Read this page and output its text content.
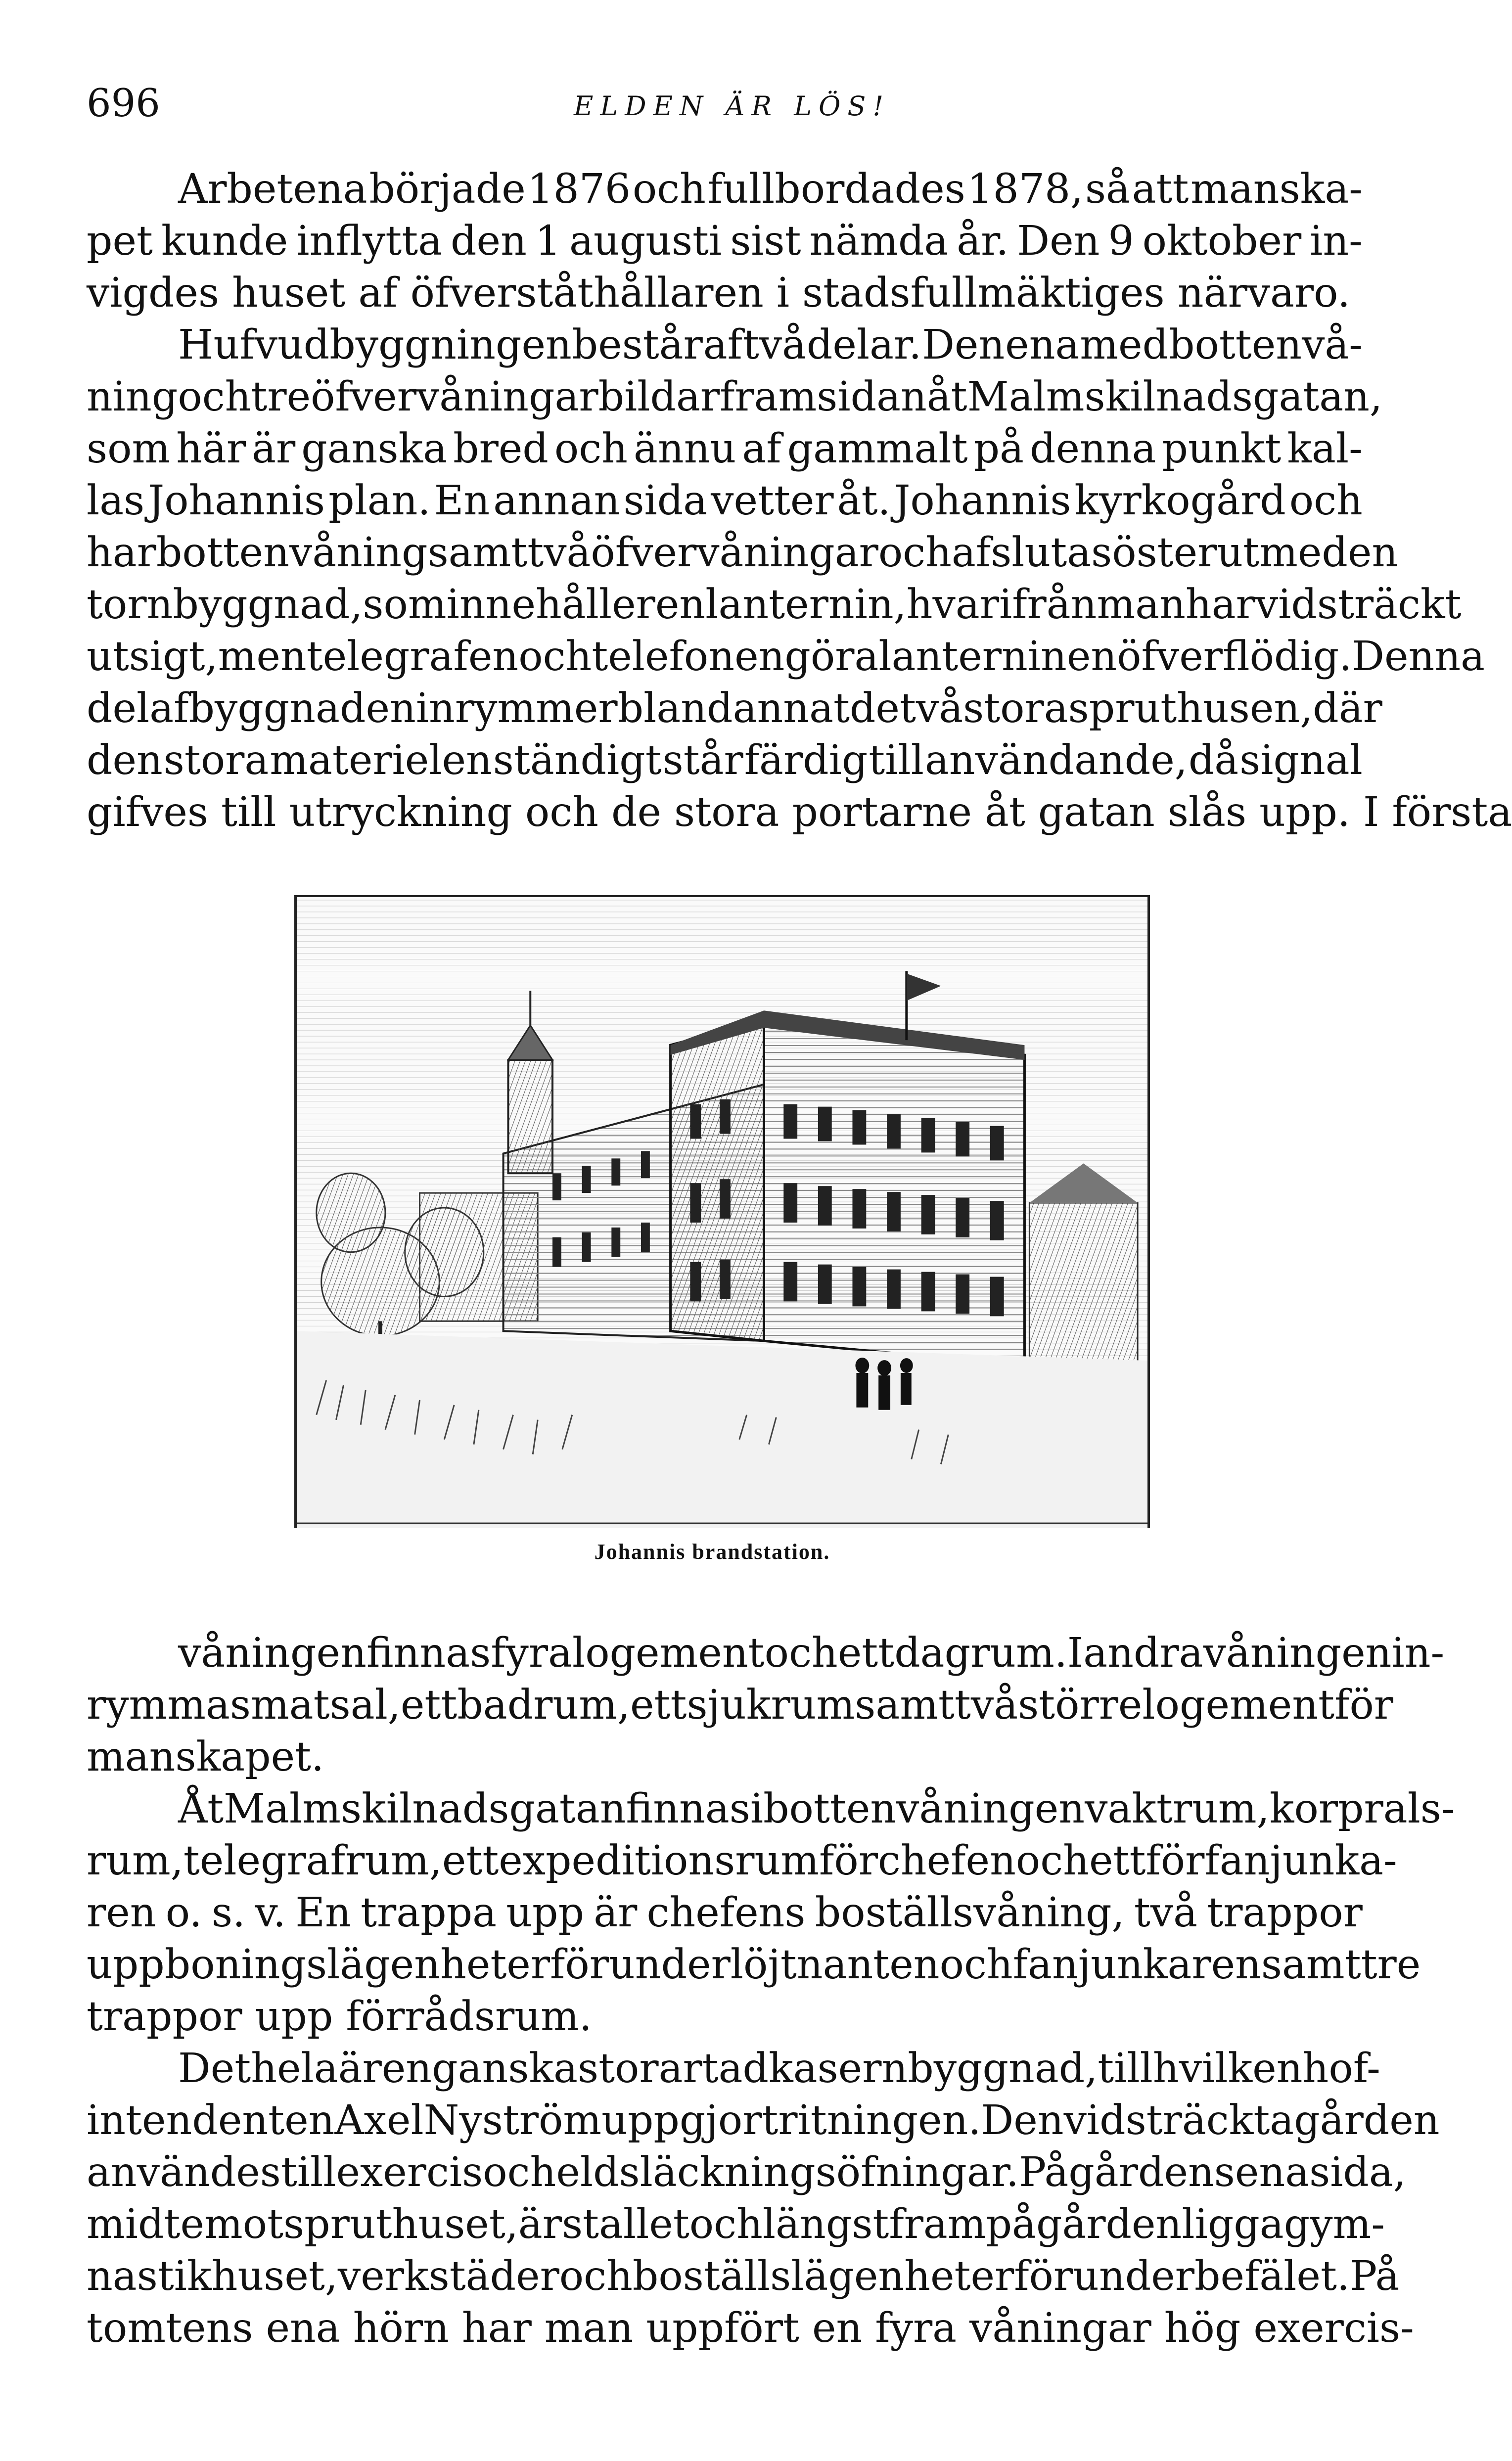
696	ELDEN ÄR LÖS!
Arbetena började 1876 och fullbordades 1878, så att manska-
pet kunde inflytta den 1 augusti sist nämda år. Den 9 oktober in-
vigdes huset af öfverståthållaren i stadsfullmäktiges närvaro.
Hufvudbyggningen består af två delar. Den ena med bottenvå-
ning och tre öfvervåningar bildar framsidan åt Malmskilnadsgatan,
som här är ganska bred och ännu af gammalt på denna punkt kal-
las Johannis plan. En annan sida vetter åt. Johannis kyrkogård och
har bottenvåning samt två öfvervåningar och afslutas öster ut med en
tornbyggnad, som innehåller en lanternin, hvarifrån man har vidsträckt
utsigt, men telegrafen och telefonen göra lanterninen öfverflödig. Denna
del af byggnaden inrymmer bland annat de två stora spruthusen, där
den stora materielen ständigt står färdig till användande, då signal
gifves till utryckning och de stora portarne åt gatan slås upp. I första
Johannis brandstation.
våningen finnas fyra logement och ett dagrum. I andra våningen in-
rymmas matsal, ett badrum, ett sjukrum samt två större logement för
manskapet.
Åt Malmskilnadsgatan finnas i bottenvåningen vaktrum, korprals-
rum, telegrafrum, ett expeditionsrum för chefen och ett för fanjunka-
ren o. s. v. En trappa upp är chefens boställsvåning, två trappor
upp boningslägenheter för underlöjtnanten och fanjunkaren samt tre
trappor upp förrådsrum.
Det hela är en ganska storartad kasernbyggnad, till hvilken hof-
intendenten Axel Nyström uppgjort ritningen. Den vidsträckta gården
användes till exercis och eldsläckningsöfningar. På gårdens ena sida,
midt emot spruthuset, är stallet och längst fram på gården ligga gym-
nastikhuset, verkstäder och boställslägenheter för underbefälet. På
tomtens ena hörn har man uppfört en fyra våningar hög exercis-
